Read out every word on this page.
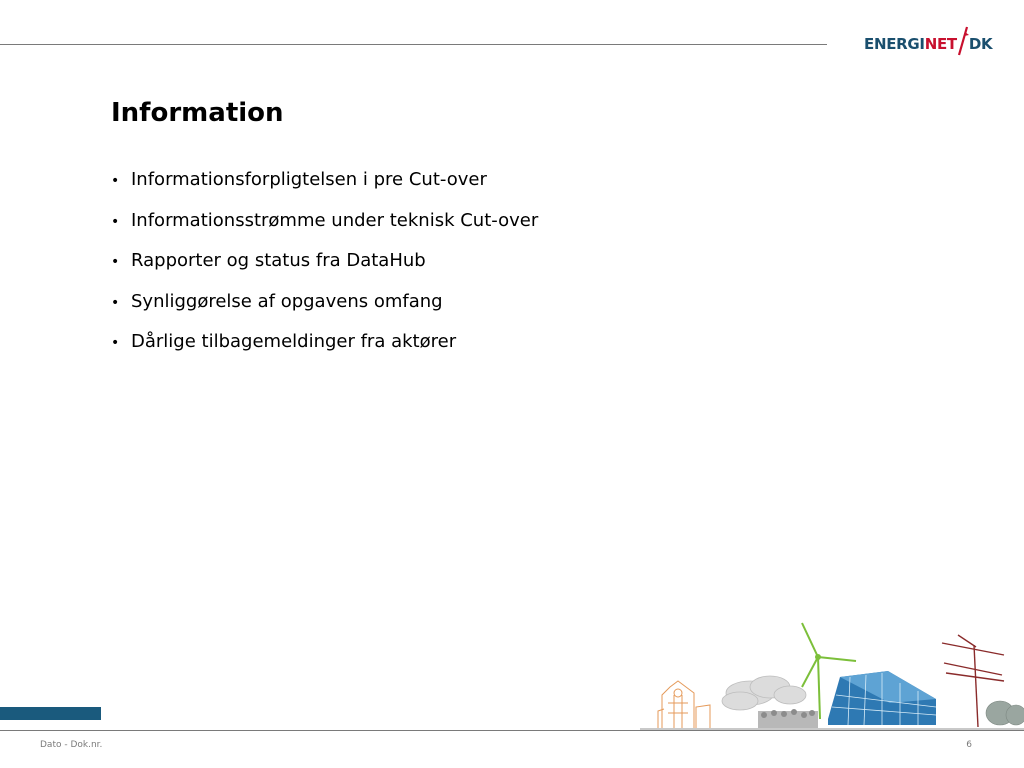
ENERGI NET DK
Information
• Informationsforpligtelsen i pre Cut-over
• Informationsstrømme under teknisk Cut-over
• Rapporter og status fra DataHub
• Synliggørelse af opgavens omfang
• Dårlige tilbagemeldinger fra aktører
Dato - Dok.nr.	6
